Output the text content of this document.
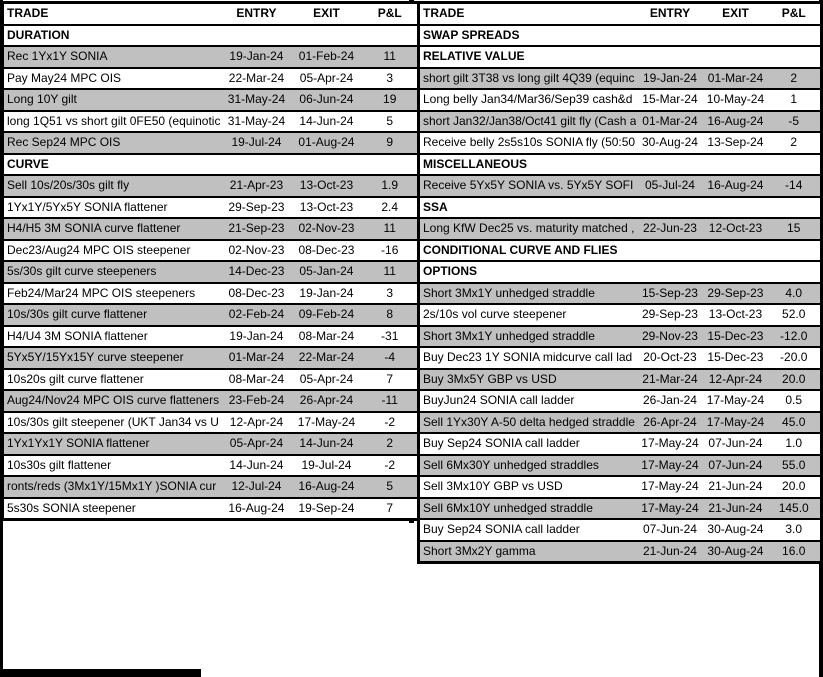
TRADE	ENTRY	EXIT	P&L
DURATION			
Rec 1Yx1Y SONIA	19-Jan-24	01-Feb-24	11
Pay May24 MPC OIS	22-Mar-24	05-Apr-24	3
Long 10Y gilt	31-May-24	06-Jun-24	19
long 1Q51 vs short gilt 0FE50 (equinotic	31-May-24	14-Jun-24	5
Rec Sep24 MPC OIS	19-Jul-24	01-Aug-24	9
CURVE			
Sell 10s/20s/30s gilt fly	21-Apr-23	13-Oct-23	1.9
1Yx1Y/5Yx5Y SONIA flattener	29-Sep-23	13-Oct-23	2.4
H4/H5 3M SONIA curve flattener	21-Sep-23	02-Nov-23	11
Dec23/Aug24 MPC OIS steepener	02-Nov-23	08-Dec-23	-16
5s/30s gilt curve steepeners	14-Dec-23	05-Jan-24	11
Feb24/Mar24 MPC OIS steepeners	08-Dec-23	19-Jan-24	3
10s/30s gilt curve flattener	02-Feb-24	09-Feb-24	8
H4/U4 3M SONIA flattener	19-Jan-24	08-Mar-24	-31
5Yx5Y/15Yx15Y curve steepener	01-Mar-24	22-Mar-24	-4
10s20s gilt curve flattener	08-Mar-24	05-Apr-24	7
Aug24/Nov24 MPC OIS curve flatteners	23-Feb-24	26-Apr-24	-11
10s/30s gilt steepener (UKT Jan34 vs U	12-Apr-24	17-May-24	-2
1Yx1Yx1Y SONIA flattener	05-Apr-24	14-Jun-24	2
10s30s gilt flattener	14-Jun-24	19-Jul-24	-2
ronts/reds (3Mx1Y/15Mx1Y )SONIA cur	12-Jul-24	16-Aug-24	5
5s30s SONIA steepener	16-Aug-24	19-Sep-24	7
TRADE	ENTRY	EXIT	P&L
SWAP SPREADS			
RELATIVE VALUE			
short gilt 3T38 vs long gilt 4Q39 (equinc	19-Jan-24	01-Mar-24	2
Long belly Jan34/Mar36/Sep39 cash&d	15-Mar-24	10-May-24	1
short Jan32/Jan38/Oct41 gilt fly (Cash a	01-Mar-24	16-Aug-24	-5
Receive belly 2s5s10s SONIA fly (50:50	30-Aug-24	13-Sep-24	2
MISCELLANEOUS			
Receive 5Yx5Y SONIA vs. 5Yx5Y SOFI	05-Jul-24	16-Aug-24	-14
SSA			
Long KfW Dec25 vs. maturity matched ,	22-Jun-23	12-Oct-23	15
CONDITIONAL CURVE AND FLIES			
OPTIONS			
Short 3Mx1Y unhedged straddle	15-Sep-23	29-Sep-23	4.0
2s/10s vol curve steepener	29-Sep-23	13-Oct-23	52.0
Short 3Mx1Y unhedged straddle	29-Nov-23	15-Dec-23	-12.0
Buy Dec23 1Y SONIA midcurve call lad	20-Oct-23	15-Dec-23	-20.0
Buy 3Mx5Y GBP vs USD	21-Mar-24	12-Apr-24	20.0
BuyJun24 SONIA call ladder	26-Jan-24	17-May-24	0.5
Sell 1Yx30Y A-50 delta hedged straddle	26-Apr-24	17-May-24	45.0
Buy Sep24 SONIA call ladder	17-May-24	07-Jun-24	1.0
Sell 6Mx30Y unhedged straddles	17-May-24	07-Jun-24	55.0
Sell 3Mx10Y GBP vs USD	17-May-24	21-Jun-24	20.0
Sell 6Mx10Y unhedged straddle	17-May-24	21-Jun-24	145.0
Buy Sep24 SONIA call ladder	07-Jun-24	30-Aug-24	3.0
Short 3Mx2Y gamma	21-Jun-24	30-Aug-24	16.0
